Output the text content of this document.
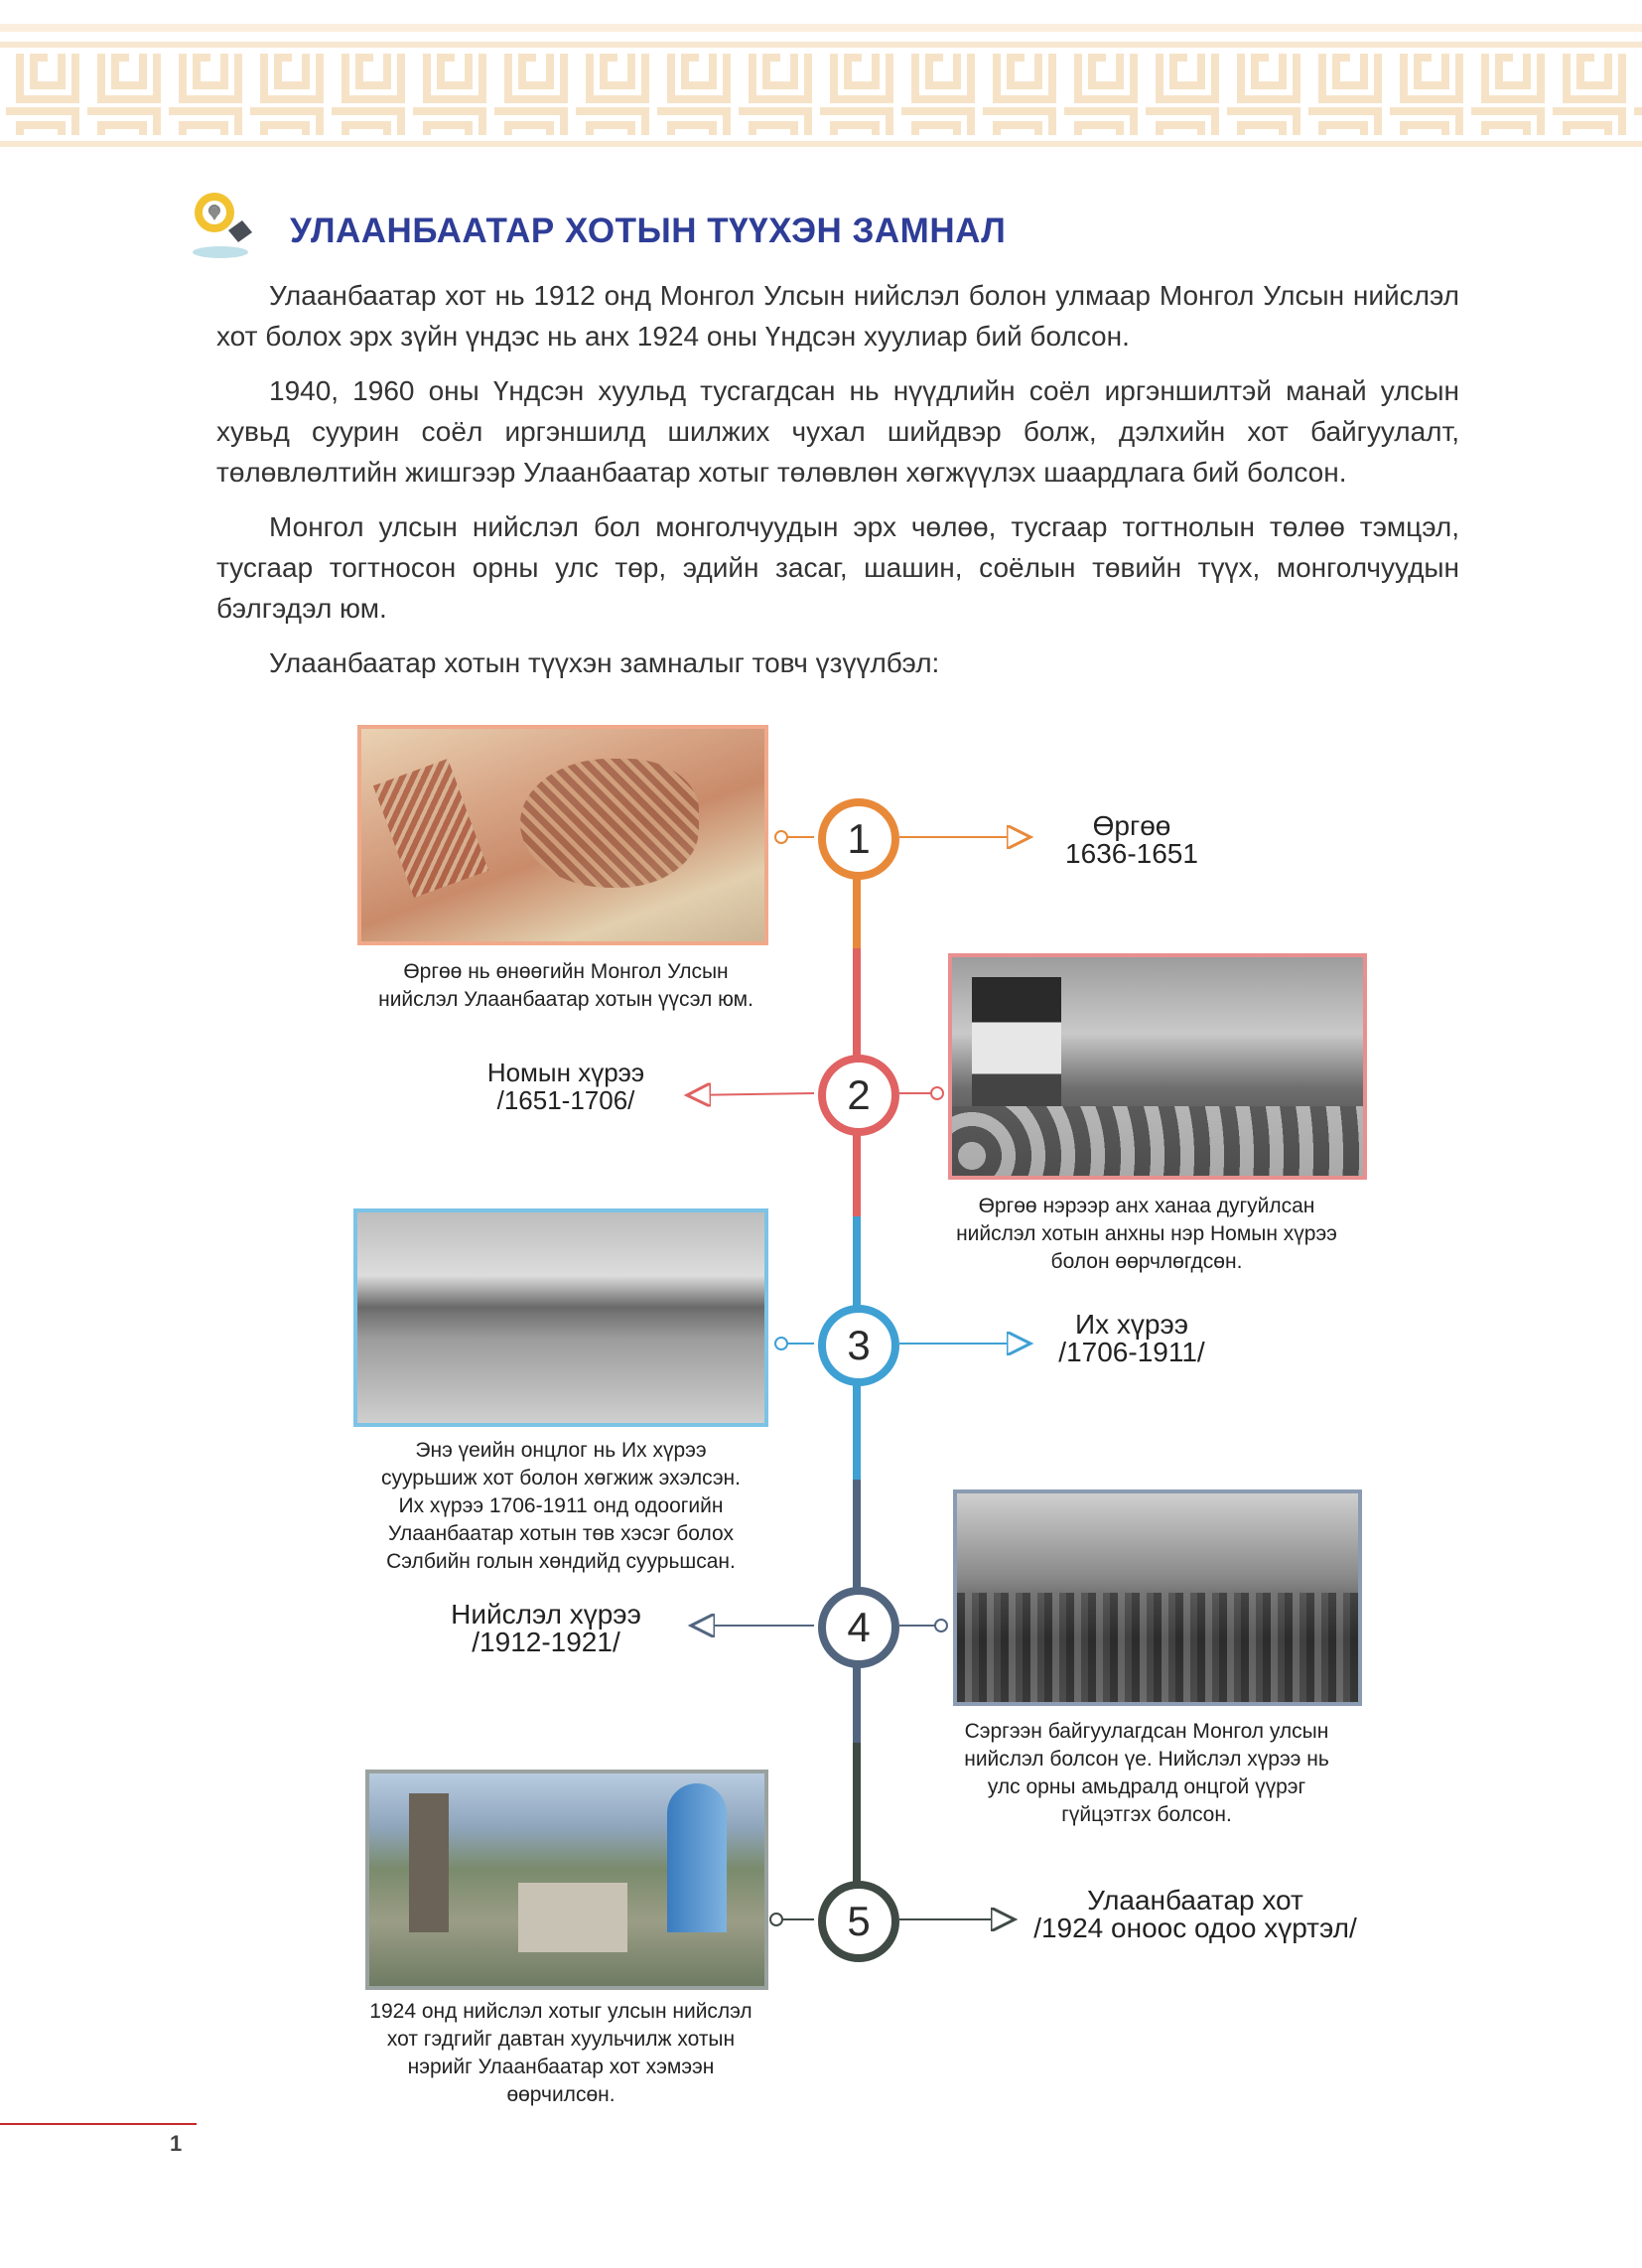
УЛААНБААТАР ХОТЫН ТҮҮХЭН ЗАМНАЛ
Улаанбаатар хот нь 1912 онд Монгол Улсын нийслэл болон улмаар Монгол Улсын нийслэл хот болох эрх зүйн үндэс нь анх 1924 оны Үндсэн хуулиар бий болсон.
1940, 1960 оны Үндсэн хуульд тусгагдсан нь нүүдлийн соёл иргэншилтэй манай улсын хувьд суурин соёл иргэншилд шилжих чухал шийдвэр болж, дэлхийн хот байгуулалт, төлөвлөлтийн жишгээр Улаанбаатар хотыг төлөвлөн хөгжүүлэх шаардлага бий болсон.
Монгол улсын нийслэл бол монголчуудын эрх чөлөө, тусгаар тогтнолын төлөө тэмцэл, тусгаар тогтносон орны улс төр, эдийн засаг, шашин, соёлын төвийн түүх, монголчуудын бэлгэдэл юм.
Улаанбаатар хотын түүхэн замналыг товч үзүүлбэл:
1
2
3
4
5
Өргөө
1636-1651
Номын хүрээ
/1651-1706/
Их хүрээ
/1706-1911/
Нийслэл хүрээ
/1912-1921/
Улаанбаатар хот
/1924 оноос одоо хүртэл/
Өргөө нь өнөөгийн Монгол Улсын
нийслэл Улаанбаатар хотын үүсэл юм.
Өргөө нэрээр анх ханаа дугуйлсан
нийслэл хотын анхны нэр Номын хүрээ
болон өөрчлөгдсөн.
Энэ үеийн онцлог нь Их хүрээ
суурьшиж хот болон хөгжиж эхэлсэн.
Их хүрээ 1706-1911 онд одоогийн
Улаанбаатар хотын төв хэсэг болох
Сэлбийн голын хөндийд суурьшсан.
Сэргээн байгуулагдсан Монгол улсын
нийслэл болсон үе. Нийслэл хүрээ нь
улс орны амьдралд онцгой үүрэг
гүйцэтгэх болсон.
1924 онд нийслэл хотыг улсын нийслэл
хот гэдгийг давтан хуульчилж хотын
нэрийг Улаанбаатар хот хэмээн
өөрчилсөн.
1
